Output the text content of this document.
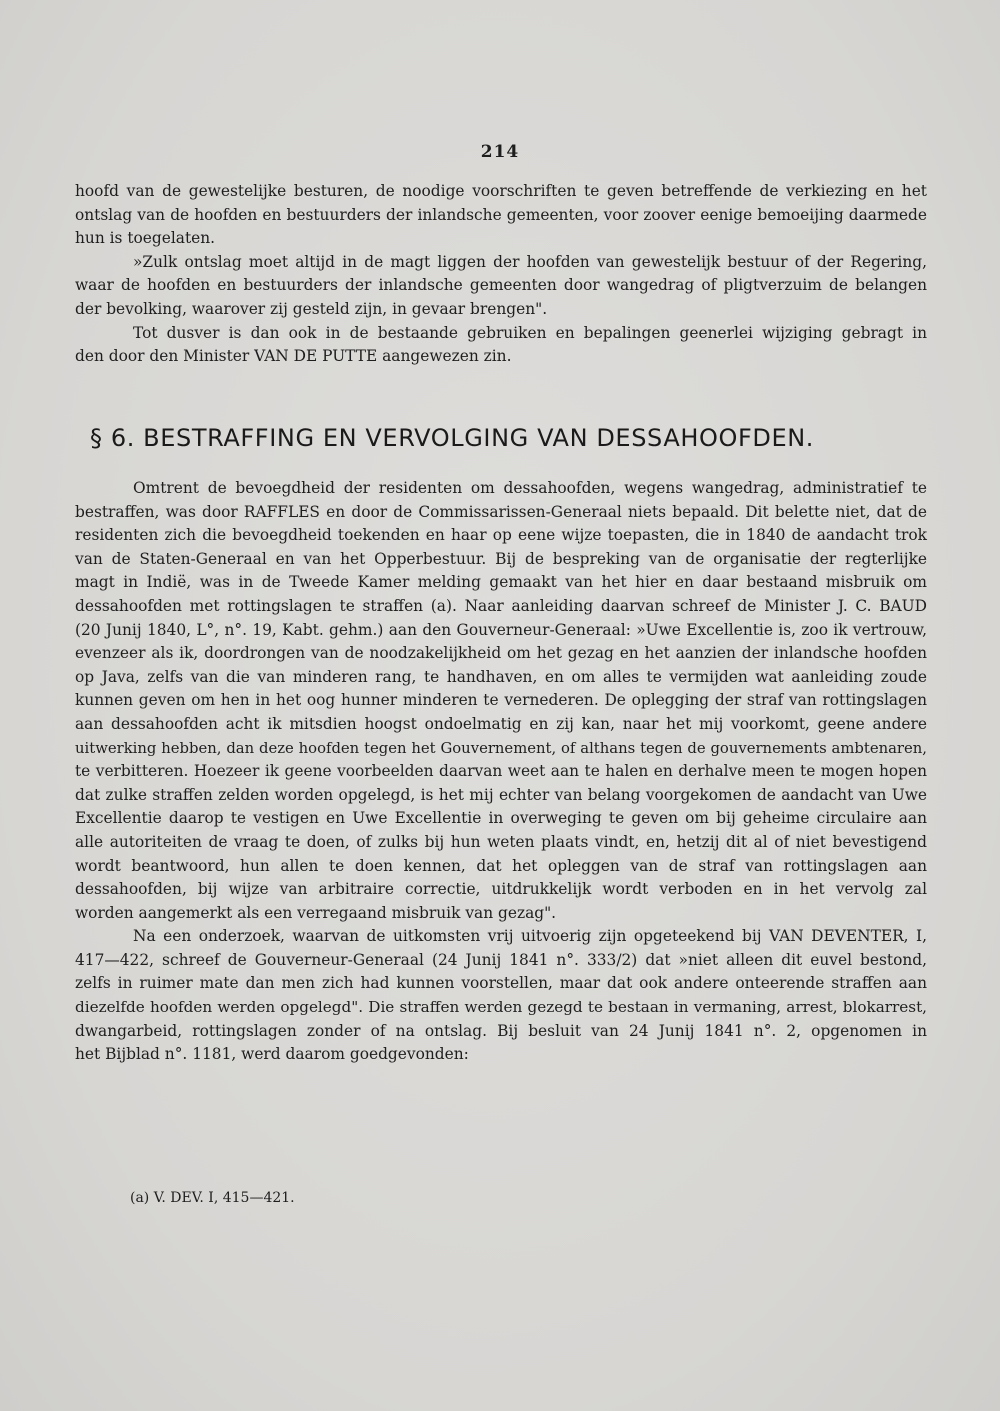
214

hoofd van de gewestelijke besturen, de noodige voorschriften te geven betreffende de verkiezing en het
ontslag van de hoofden en bestuurders der inlandsche gemeenten, voor zoover eenige bemoeijing daarmede
hun is toegelaten.

»Zulk ontslag moet altijd in de magt liggen der hoofden van gewestelijk bestuur of der Regering,
waar de hoofden en bestuurders der inlandsche gemeenten door wangedrag of pligtverzuim de belangen
der bevolking, waarover zij gesteld zijn, in gevaar brengen".

Tot dusver is dan ook in de bestaande gebruiken en bepalingen geenerlei wijziging gebragt in
den door den Minister VAN DE PUTTE aangewezen zin.

§ 6. BESTRAFFING EN VERVOLGING VAN DESSAHOOFDEN.

Omtrent de bevoegdheid der residenten om dessahoofden, wegens wangedrag, administratief te
bestraffen, was door RAFFLES en door de Commissarissen-Generaal niets bepaald. Dit belette niet, dat de
residenten zich die bevoegdheid toekenden en haar op eene wijze toepasten, die in 1840 de aandacht trok
van de Staten-Generaal en van het Opperbestuur. Bij de bespreking van de organisatie der regterlijke
magt in Indië, was in de Tweede Kamer melding gemaakt van het hier en daar bestaand misbruik om
dessahoofden met rottingslagen te straffen (a). Naar aanleiding daarvan schreef de Minister J. C. BAUD
(20 Junij 1840, L°, n°. 19, Kabt. gehm.) aan den Gouverneur-Generaal: »Uwe Excellentie is, zoo ik vertrouw,
evenzeer als ik, doordrongen van de noodzakelijkheid om het gezag en het aanzien der inlandsche hoofden
op Java, zelfs van die van minderen rang, te handhaven, en om alles te vermijden wat aanleiding zoude
kunnen geven om hen in het oog hunner minderen te vernederen. De oplegging der straf van rottingslagen
aan dessahoofden acht ik mitsdien hoogst ondoelmatig en zij kan, naar het mij voorkomt, geene andere
uitwerking hebben, dan deze hoofden tegen het Gouvernement, of althans tegen de gouvernements ambtenaren,
te verbitteren. Hoezeer ik geene voorbeelden daarvan weet aan te halen en derhalve meen te mogen hopen
dat zulke straffen zelden worden opgelegd, is het mij echter van belang voorgekomen de aandacht van Uwe
Excellentie daarop te vestigen en Uwe Excellentie in overweging te geven om bij geheime circulaire aan
alle autoriteiten de vraag te doen, of zulks bij hun weten plaats vindt, en, hetzij dit al of niet bevestigend
wordt beantwoord, hun allen te doen kennen, dat het opleggen van de straf van rottingslagen aan
dessahoofden, bij wijze van arbitraire correctie, uitdrukkelijk wordt verboden en in het vervolg zal
worden aangemerkt als een verregaand misbruik van gezag".

Na een onderzoek, waarvan de uitkomsten vrij uitvoerig zijn opgeteekend bij VAN DEVENTER, I,
417—422, schreef de Gouverneur-Generaal (24 Junij 1841 n°. 333/2) dat »niet alleen dit euvel bestond,
zelfs in ruimer mate dan men zich had kunnen voorstellen, maar dat ook andere onteerende straffen aan
diezelfde hoofden werden opgelegd". Die straffen werden gezegd te bestaan in vermaning, arrest, blokarrest,
dwangarbeid, rottingslagen zonder of na ontslag. Bij besluit van 24 Junij 1841 n°. 2, opgenomen in
het Bijblad n°. 1181, werd daarom goedgevonden:

(a) V. DEV. I, 415—421.
